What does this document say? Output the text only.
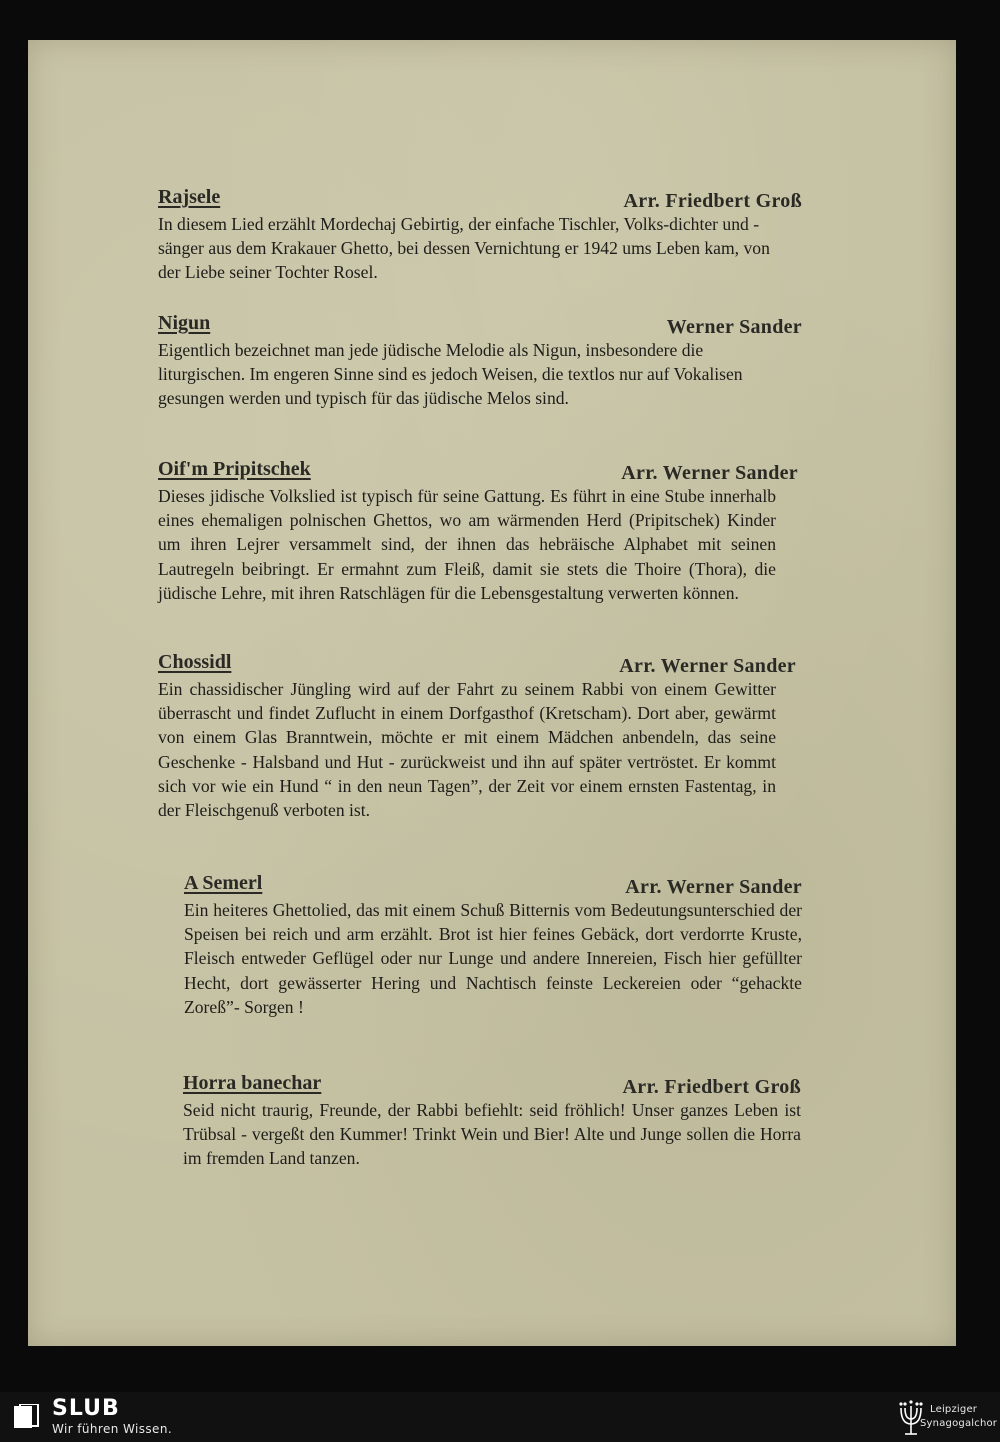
Rajsele	Arr. Friedbert Groß

In diesem Lied erzählt Mordechaj Gebirtig, der einfache Tischler, Volks-dichter und -sänger aus dem Krakauer Ghetto, bei dessen Vernichtung er 1942 ums Leben kam, von der Liebe seiner Tochter Rosel.

Nigun	Werner Sander

Eigentlich bezeichnet man jede jüdische Melodie als Nigun, insbesondere die liturgischen. Im engeren Sinne sind es jedoch Weisen, die textlos nur auf Vokalisen gesungen werden und typisch für das jüdische Melos sind.

Oif'm Pripitschek	Arr. Werner Sander

Dieses jidische Volkslied ist typisch für seine Gattung. Es führt in eine Stube innerhalb eines ehemaligen polnischen Ghettos, wo am wärmenden Herd (Pripitschek) Kinder um ihren Lejrer versammelt sind, der ihnen das hebräische Alphabet mit seinen Lautregeln beibringt. Er ermahnt zum Fleiß, damit sie stets die Thoire (Thora), die jüdische Lehre, mit ihren Ratschlägen für die Lebensgestaltung verwerten können.

Chossidl	Arr. Werner Sander

Ein chassidischer Jüngling wird auf der Fahrt zu seinem Rabbi von einem Gewitter überrascht und findet Zuflucht in einem Dorfgasthof (Kretscham). Dort aber, gewärmt von einem Glas Branntwein, möchte er mit einem Mädchen anbendeln, das seine Geschenke - Halsband und Hut - zurückweist und ihn auf später vertröstet. Er kommt sich vor wie ein Hund “ in den neun Tagen”, der Zeit vor einem ernsten Fastentag, in der Fleischgenuß verboten ist.

A Semerl	Arr. Werner Sander

Ein heiteres Ghettolied, das mit einem Schuß Bitternis vom Bedeutungsunterschied der Speisen bei reich und arm erzählt. Brot ist hier feines Gebäck, dort verdorrte Kruste, Fleisch entweder Geflügel oder nur Lunge und andere Innereien, Fisch hier gefüllter Hecht, dort gewässerter Hering und Nachtisch feinste Leckereien oder “gehackte Zoreß”- Sorgen !

Horra banechar	Arr. Friedbert Groß

Seid nicht traurig, Freunde, der Rabbi befiehlt: seid fröhlich! Unser ganzes Leben ist Trübsal - vergeßt den Kummer! Trinkt Wein und Bier! Alte und Junge sollen die Horra im fremden Land tanzen.

SLUB
Wir führen Wissen.
Leipziger
Synagogalchor
